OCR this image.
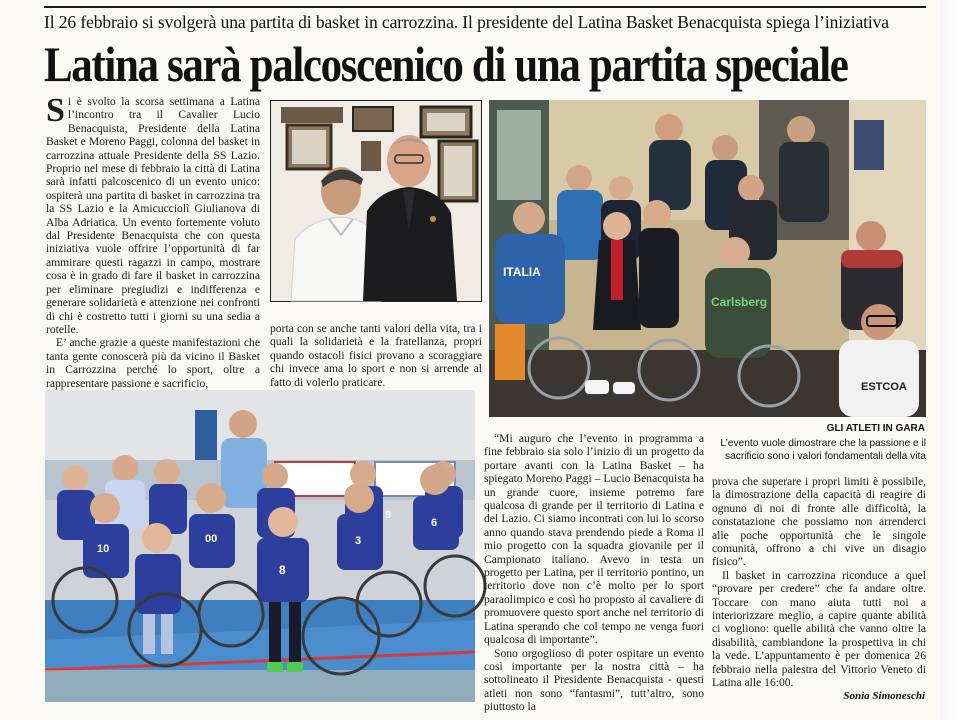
Il 26 febbraio si svolgerà una partita di basket in carrozzina. Il presidente del Latina Basket Benacquista spiega l’iniziativa
Latina sarà palcoscenico di una partita speciale

Si è svolto la scorsa settimana a Latina l’incontro tra il Cavalier Lucio Benacquista, Presidente della Latina Basket e Moreno Paggi, colonna del basket in carrozzina attuale Presidente della SS Lazio. Proprio nel mese di febbraio la città di Latina sarà infatti palcoscenico di un evento unico: ospiterà una partita di basket in carrozzina tra la SS Lazio e la Amicucciolì Giulianova di Alba Adriatica. Un evento fortemente voluto dal Presidente Benacquista che con questa iniziativa vuole offrire l’opportunità di far ammirare questi ragazzi in campo, mostrare cosa è in grado di fare il basket in carrozzina per eliminare pregiudizi e indifferenza e generare solidarietà e attenzione nei confronti di chi è costretto tutti i giorni su una sedia a rotelle.

E’ anche grazie a queste manifestazioni che tanta gente conoscerà più da vicino il Basket in Carrozzina perché lo sport, oltre a rappresentare passione e sacrificio,

porta con se anche tanti valori della vita, tra i quali la solidarietà e la fratellanza, propri quando ostacoli fisici provano a scoraggiare chi invece ama lo sport e non si arrende al fatto di volerlo praticare.

ITALIA
Carlsberg
ESTCOA
10
00
8
3
6
9

“Mi auguro che l’evento in programma a fine febbraio sia solo l’inizio di un progetto da portare avanti con la Latina Basket – ha spiegato Moreno Paggi – Lucio Benacquista ha un grande cuore, insieme potremo fare qualcosa di grande per il territorio di Latina e del Lazio. Ci siamo incontrati con lui lo scorso anno quando stava prendendo piede a Roma il mio progetto con la squadra giovanile per il Campionato italiano. Avevo in testa un progetto per Latina, per il territorio pontino, un territorio dove non c’è molto per lo sport paraolimpico e così ho proposto al cavaliere di promuovere questo sport anche nel territorio di Latina sperando che col tempo ne venga fuori qualcosa di importante”.

Sono orgoglioso di poter ospitare un evento così importante per la nostra città – ha sottolineato il Presidente Benacquista - questi atleti non sono “fantasmi”, tutt’altro, sono piuttosto la

GLI ATLETI IN GARA
L’evento vuole dimostrare che la passione e il sacrificio sono i valori fondamentali della vita

prova che superare i propri limiti è possibile, la dimostrazione della capacità di reagire di ognuno di noi di fronte alle difficoltà, la constatazione che possiamo non arrenderci alle poche opportunità che le singole comunità, offrono a chi vive un disagio fisico”.

Il basket in carrozzina riconduce a quel “provare per credere” che fa andare oltre. Toccare con mano aiuta tutti noi a interiorizzare meglio, a capire quante abilità ci vogliono: quelle abilità che vanno oltre la disabilità, cambiandone la prospettiva in chi la vede. L’appuntamento è per domenica 26 febbraio nella palestra del Vittorio Veneto di Latina alle 16:00.

Sonia Simoneschi
